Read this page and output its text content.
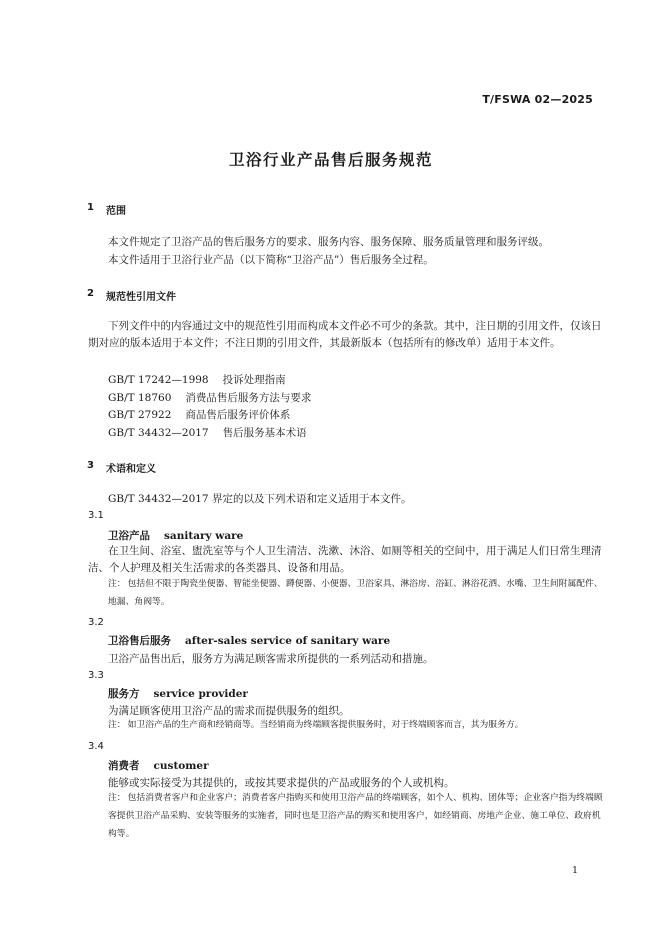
T/FSWA 02—2025
卫浴行业产品售后服务规范
1 范围
本文件规定了卫浴产品的售后服务方的要求、服务内容、服务保障、服务质量管理和服务评级。
本文件适用于卫浴行业产品（以下简称“卫浴产品”）售后服务全过程。
2 规范性引用文件
下列文件中的内容通过文中的规范性引用而构成本文件必不可少的条款。其中，注日期的引用文件，仅该日期对应的版本适用于本文件；不注日期的引用文件，其最新版本（包括所有的修改单）适用于本文件。
GB/T 17242—1998 投诉处理指南
GB/T 18760 消费品售后服务方法与要求
GB/T 27922 商品售后服务评价体系
GB/T 34432—2017 售后服务基本术语
3 术语和定义
GB/T 34432—2017 界定的以及下列术语和定义适用于本文件。
3.1
卫浴产品 sanitary ware
在卫生间、浴室、盥洗室等与个人卫生清洁、洗漱、沐浴、如厕等相关的空间中，用于满足人们日常生理清洁、个人护理及相关生活需求的各类器具、设备和用品。
注： 包括但不限于陶瓷坐便器、智能坐便器、蹲便器、小便器、卫浴家具、淋浴房、浴缸、淋浴花洒、水嘴、卫生间附属配件、地漏、角阀等。
3.2
卫浴售后服务 after-sales service of sanitary ware
卫浴产品售出后，服务方为满足顾客需求所提供的一系列活动和措施。
3.3
服务方 service provider
为满足顾客使用卫浴产品的需求而提供服务的组织。
注： 如卫浴产品的生产商和经销商等。当经销商为终端顾客提供服务时，对于终端顾客而言，其为服务方。
3.4
消费者 customer
能够或实际接受为其提供的，或按其要求提供的产品或服务的个人或机构。
注： 包括消费者客户和企业客户；消费者客户指购买和使用卫浴产品的终端顾客，如个人、机构、团体等；企业客户指为终端顾客提供卫浴产品采购、安装等服务的实施者，同时也是卫浴产品的购买和使用客户，如经销商、房地产企业、施工单位、政府机构等。
1
